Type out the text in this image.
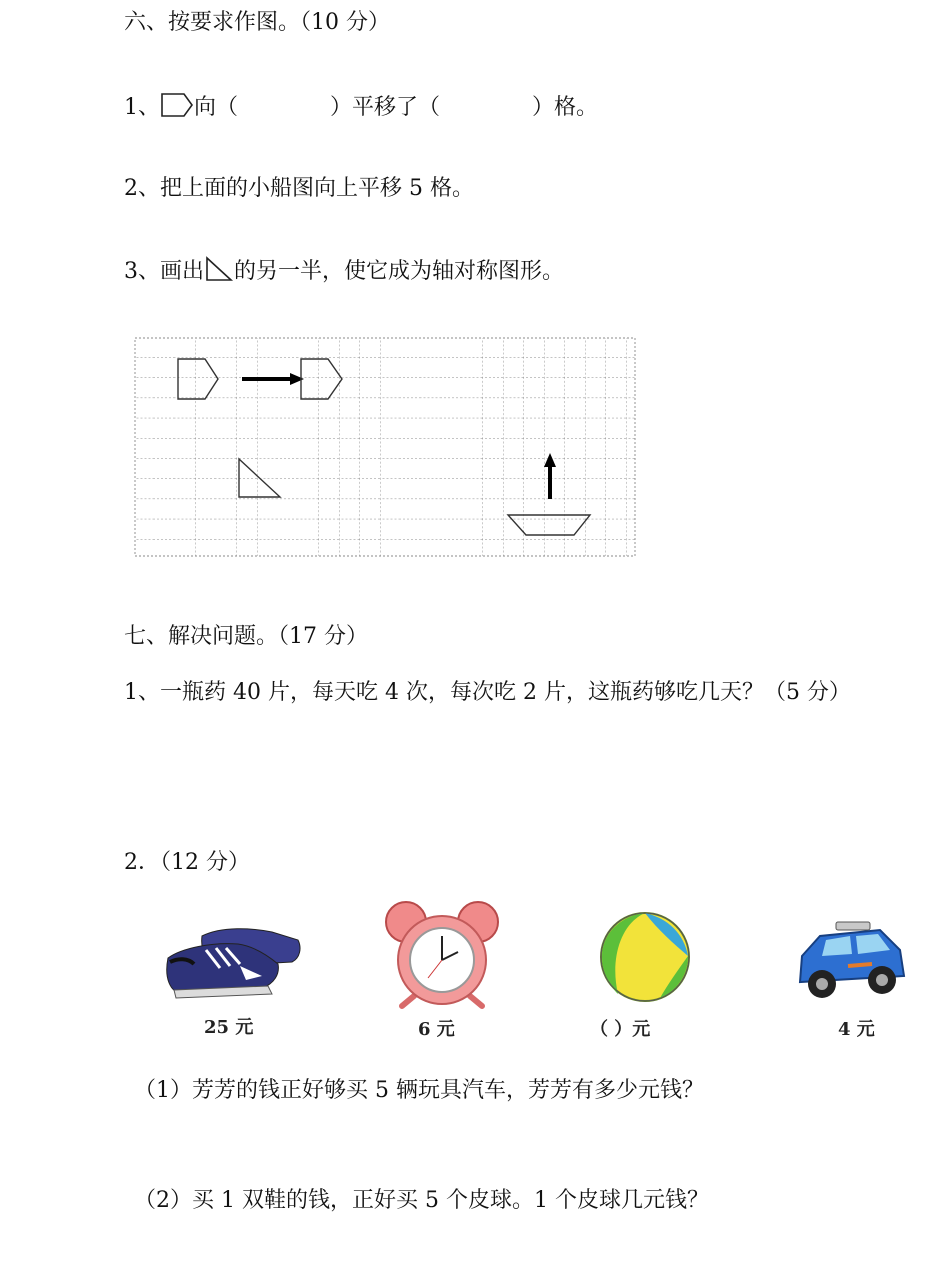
六、按要求作图。（10 分）
1、 向（	）平移了（	）格。
2、把上面的小船图向上平移 5 格。
3、画出 的另一半，使它成为轴对称图形。
七、解决问题。（17 分）
1、一瓶药 40 片，每天吃 4 次，每次吃 2 片，这瓶药够吃几天？（5 分）
2．（12 分）
25 元	6 元	（ ）元	4 元
（1）芳芳的钱正好够买 5 辆玩具汽车，芳芳有多少元钱？
（2）买 1 双鞋的钱，正好买 5 个皮球。1 个皮球几元钱？
